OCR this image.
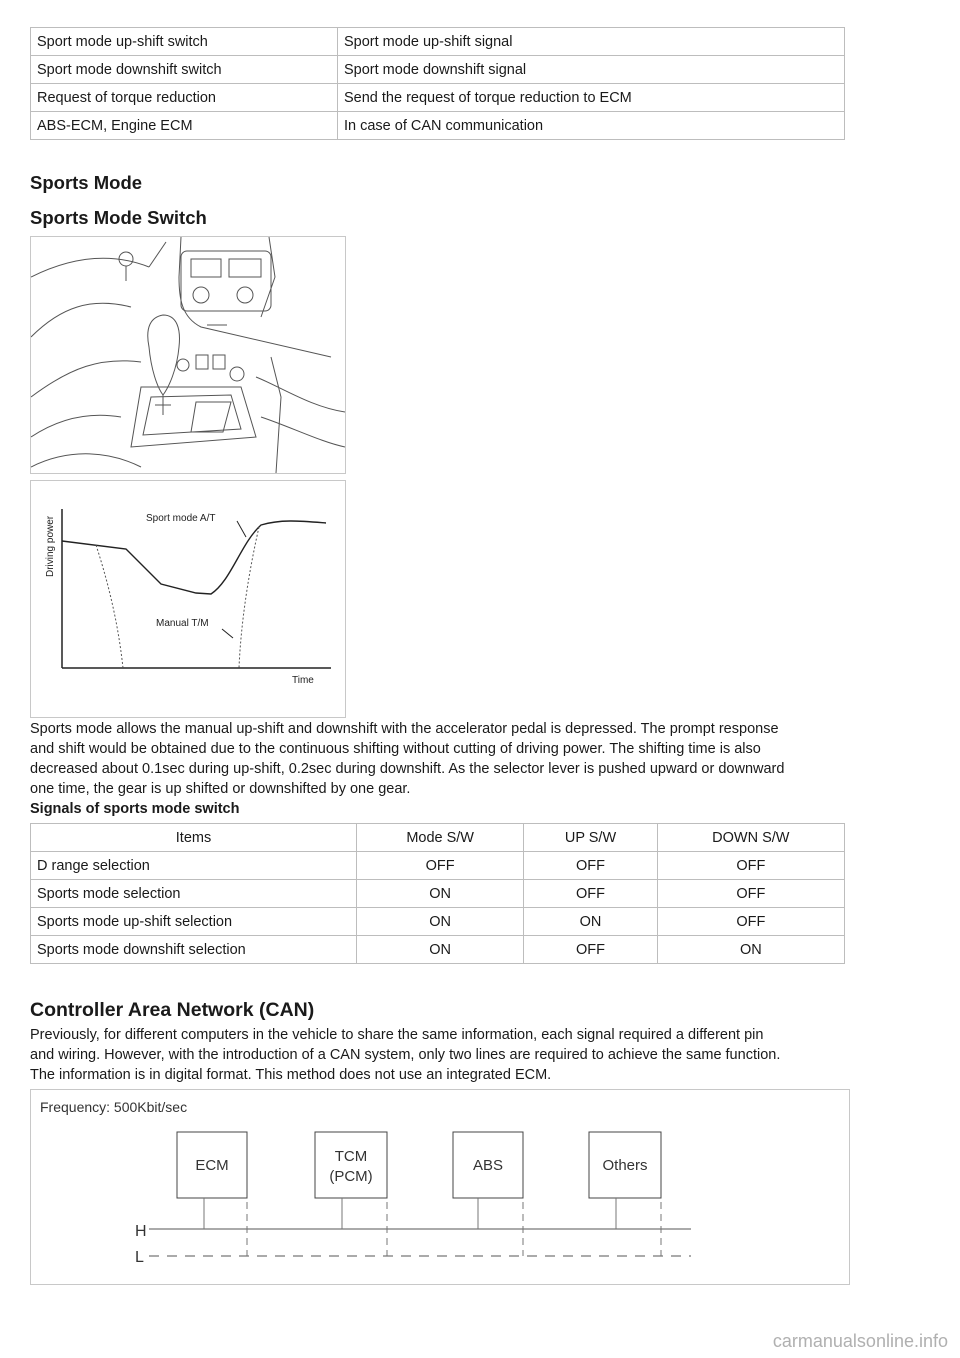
Sport mode up-shift switch	Sport mode up-shift signal
Sport mode downshift switch	Sport mode downshift signal
Request of torque reduction	Send the request of torque reduction to ECM
ABS-ECM, Engine ECM	In case of CAN communication
Sports Mode
Sports Mode Switch
Driving power
Time
Sport mode A/T
Manual T/M
Sports mode allows the manual up-shift and downshift with the accelerator pedal is depressed. The prompt response
and shift would be obtained due to the continuous shifting without cutting of driving power. The shifting time is also
decreased about 0.1sec during up-shift, 0.2sec during downshift. As the selector lever is pushed upward or downward
one time, the gear is up shifted or downshifted by one gear.
Signals of sports mode switch
Items	Mode S/W	UP S/W	DOWN S/W
D range selection	OFF	OFF	OFF
Sports mode selection	ON	OFF	OFF
Sports mode up-shift selection	ON	ON	OFF
Sports mode downshift selection	ON	OFF	ON
Controller Area Network (CAN)
Previously, for different computers in the vehicle to share the same information, each signal required a different pin
and wiring. However, with the introduction of a CAN system, only two lines are required to achieve the same function.
The information is in digital format. This method does not use an integrated ECM.
Frequency: 500Kbit/sec
ECM
TCM
(PCM)
ABS	Others
H
L
carmanualsonline.info
